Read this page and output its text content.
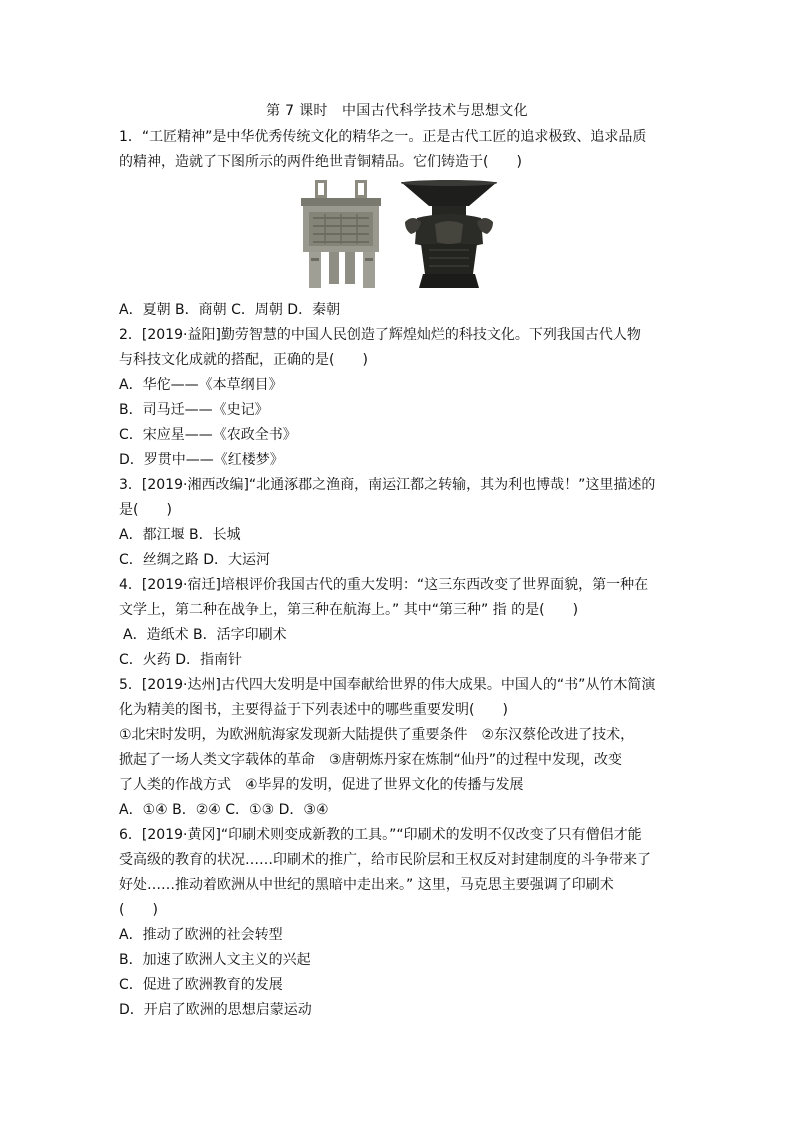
第 7 课时　中国古代科学技术与思想文化
1．“工匠精神”是中华优秀传统文化的精华之一。正是古代工匠的追求极致、追求品质
的精神，造就了下图所示的两件绝世青铜精品。它们铸造于(　　)
A．夏朝 B．商朝 C．周朝 D．秦朝
2．[2019·益阳]勤劳智慧的中国人民创造了辉煌灿烂的科技文化。下列我国古代人物
与科技文化成就的搭配，正确的是(　　)
A．华佗——《本草纲目》
B．司马迁——《史记》
C．宋应星——《农政全书》
D．罗贯中——《红楼梦》
3．[2019·湘西改编]“北通涿郡之渔商，南运江都之转输，其为利也博哉！”这里描述的
是(　　)
A．都江堰 B．长城
C．丝绸之路 D．大运河
4．[2019·宿迁]培根评价我国古代的重大发明：“这三东西改变了世界面貌，第一种在
文学上，第二种在战争上，第三种在航海上。” 其中“第三种” 指 的是(　　)
A．造纸术 B．活字印刷术
C．火药 D．指南针
5．[2019·达州]古代四大发明是中国奉献给世界的伟大成果。中国人的“书”从竹木简演
化为精美的图书，主要得益于下列表述中的哪些重要发明(　　)
①北宋时发明，为欧洲航海家发现新大陆提供了重要条件　②东汉蔡伦改进了技术，
掀起了一场人类文字载体的革命　③唐朝炼丹家在炼制“仙丹”的过程中发现，改变
了人类的作战方式　④毕昇的发明，促进了世界文化的传播与发展
A．①④ B．②④ C．①③ D．③④
6．[2019·黄冈]“印刷术则变成新教的工具。”“印刷术的发明不仅改变了只有僧侣才能
受高级的教育的状况……印刷术的推广，给市民阶层和王权反对封建制度的斗争带来了
好处……推动着欧洲从中世纪的黑暗中走出来。” 这里，马克思主要强调了印刷术
(　　)
A．推动了欧洲的社会转型
B．加速了欧洲人文主义的兴起
C．促进了欧洲教育的发展
D．开启了欧洲的思想启蒙运动
